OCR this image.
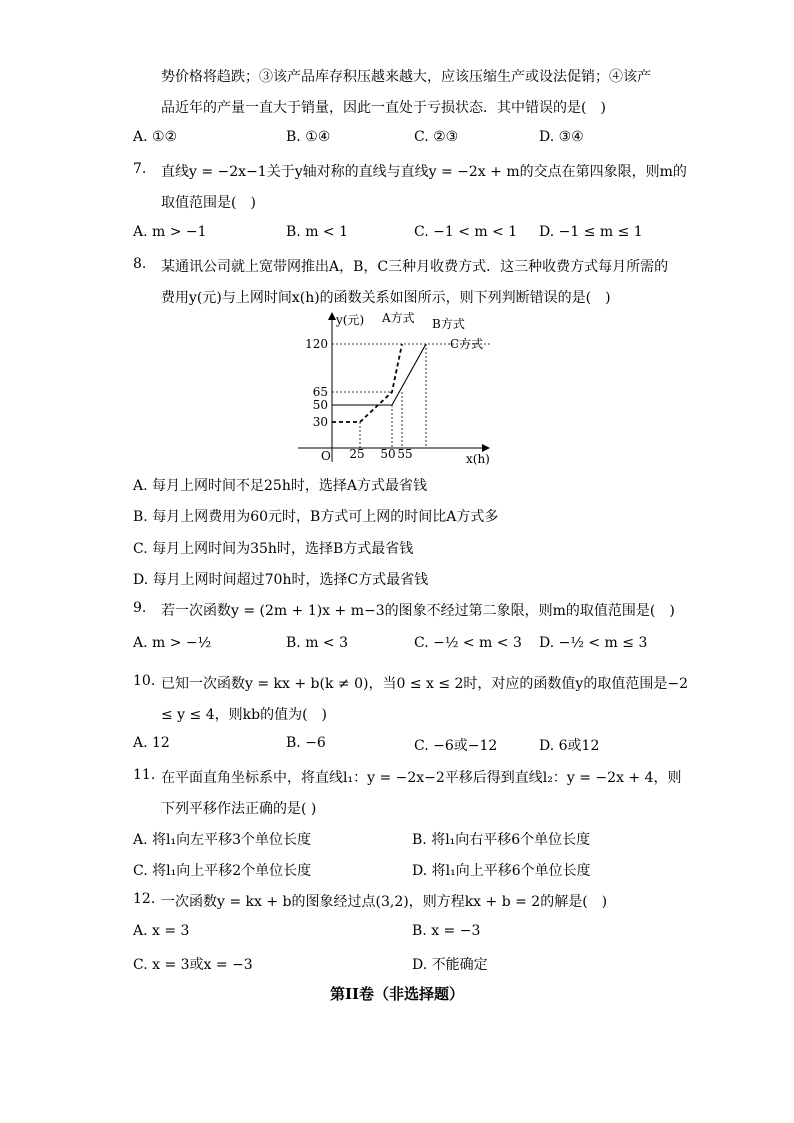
势价格将趋跌；③该产品库存积压越来越大，应该压缩生产或设法促销；④该产
品近年的产量一直大于销量，因此一直处于亏损状态．其中错误的是(　)
A. ①②	B. ①④	C. ②③	D. ③④
7. 直线y = −2x−1关于y轴对称的直线与直线y = −2x + m的交点在第四象限，则m的
取值范围是(　)
A. m > −1	B. m < 1	C. −1 < m < 1 D. −1 ≤ m ≤ 1
8. 某通讯公司就上宽带网推出A，B，C三种月收费方式．这三种收费方式每月所需的
费用y(元)与上网时间x(h)的函数关系如图所示，则下列判断错误的是(　)
y(元)
x(h)
O
A方式 B方式
C方式
30
50
65
120
25 50 55
A. 每月上网时间不足25h时，选择A方式最省钱
B. 每月上网费用为60元时，B方式可上网的时间比A方式多
C. 每月上网时间为35h时，选择B方式最省钱
D. 每月上网时间超过70h时，选择C方式最省钱
9. 若一次函数y = (2m + 1)x + m−3的图象不经过第二象限，则m的取值范围是(　)
A. m > −½	B. m < 3	C. −½ < m < 3 D. −½ < m ≤ 3
10. 已知一次函数y = kx + b(k ≠ 0)，当0 ≤ x ≤ 2时，对应的函数值y的取值范围是−2
≤ y ≤ 4，则kb的值为(　)
A. 12	B. −6	C. −6或−12	D. 6或12
11. 在平面直角坐标系中，将直线l₁：y = −2x−2平移后得到直线l₂：y = −2x + 4，则
下列平移作法正确的是( )
A. 将l₁向左平移3个单位长度	B. 将l₁向右平移6个单位长度
C. 将l₁向上平移2个单位长度	D. 将l₁向上平移6个单位长度
12. 一次函数y = kx + b的图象经过点(3,2)，则方程kx + b = 2的解是(　)
A. x = 3	B. x = −3
C. x = 3或x = −3	D. 不能确定
第II卷（非选择题）
